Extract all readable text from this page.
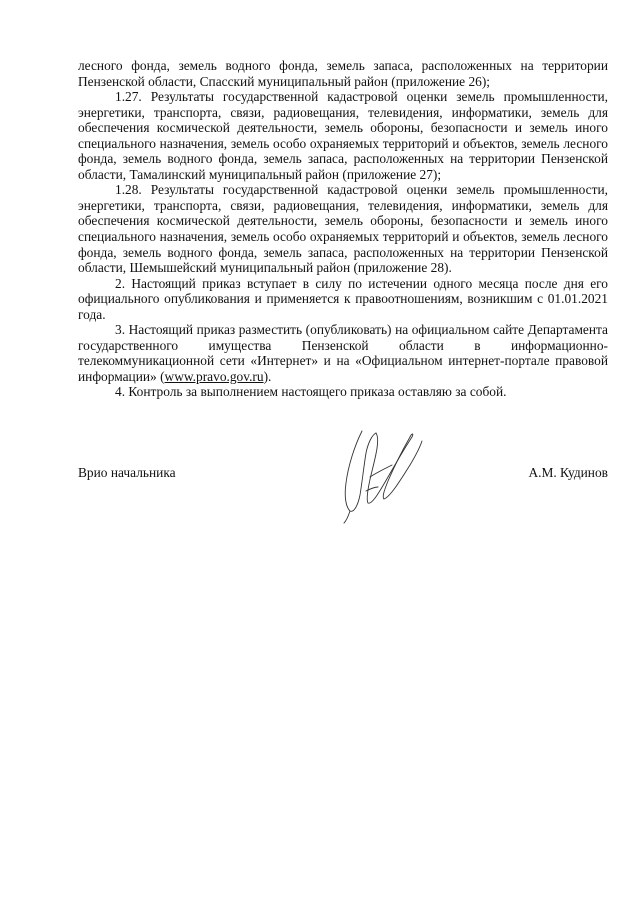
лесного фонда, земель водного фонда, земель запаса, расположенных на территории Пензенской области, Спасский муниципальный район (приложение 26);

1.27. Результаты государственной кадастровой оценки земель промышленности, энергетики, транспорта, связи, радиовещания, телевидения, информатики, земель для обеспечения космической деятельности, земель обороны, безопасности и земель иного специального назначения, земель особо охраняемых территорий и объектов, земель лесного фонда, земель водного фонда, земель запаса, расположенных на территории Пензенской области, Тамалинский муниципальный район (приложение 27);

1.28. Результаты государственной кадастровой оценки земель промышленности, энергетики, транспорта, связи, радиовещания, телевидения, информатики, земель для обеспечения космической деятельности, земель обороны, безопасности и земель иного специального назначения, земель особо охраняемых территорий и объектов, земель лесного фонда, земель водного фонда, земель запаса, расположенных на территории Пензенской области, Шемышейский муниципальный район (приложение 28).

2. Настоящий приказ вступает в силу по истечении одного месяца после дня его официального опубликования и применяется к правоотношениям, возникшим с 01.01.2021 года.

3. Настоящий приказ разместить (опубликовать) на официальном сайте Департамента государственного имущества Пензенской области в информационно-телекоммуникационной сети «Интернет» и на «Официальном интернет-портале правовой информации» (www.pravo.gov.ru).

4. Контроль за выполнением настоящего приказа оставляю за собой.

Врио начальника	А.М. Кудинов
